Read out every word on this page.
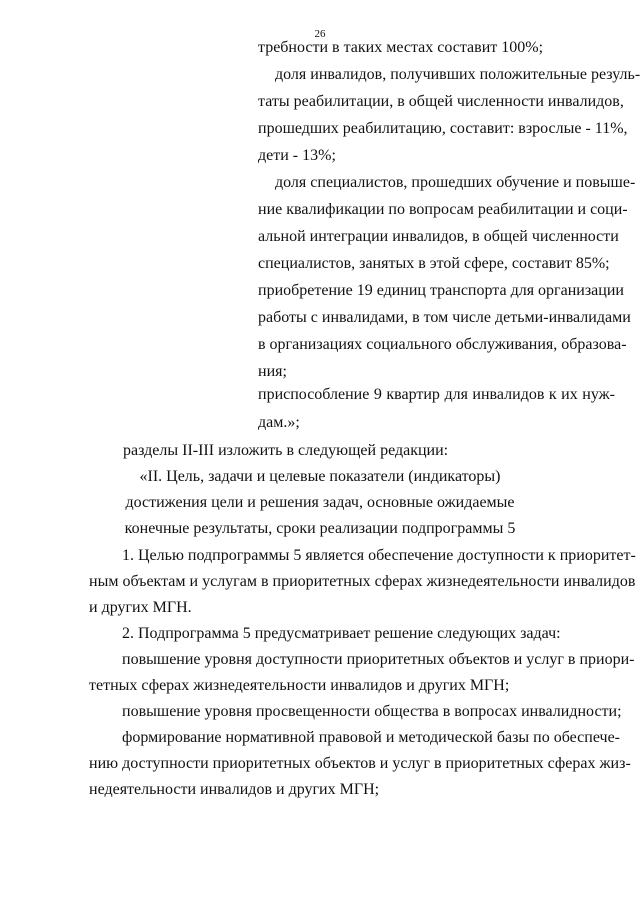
26
требности в таких местах составит 100%;
доля инвалидов, получивших положительные резуль-
таты реабилитации, в общей численности инвалидов,
прошедших реабилитацию, составит: взрослые - 11%,
дети - 13%;
доля специалистов, прошедших обучение и повыше-
ние квалификации по вопросам реабилитации и соци-
альной интеграции инвалидов, в общей численности
специалистов, занятых в этой сфере, составит 85%;
приобретение 19 единиц транспорта для организации
работы с инвалидами, в том числе детьми-инвалидами
в организациях социального обслуживания, образова-
ния;
приспособление 9 квартир для инвалидов к их нуж-
дам.»;
разделы II-III изложить в следующей редакции:
«II. Цель, задачи и целевые показатели (индикаторы)
достижения цели и решения задач, основные ожидаемые
конечные результаты, сроки реализации подпрограммы 5
1. Целью подпрограммы 5 является обеспечение доступности к приоритет-
ным объектам и услугам в приоритетных сферах жизнедеятельности инвалидов
и других МГН.
2. Подпрограмма 5 предусматривает решение следующих задач:
повышение уровня доступности приоритетных объектов и услуг в приори-
тетных сферах жизнедеятельности инвалидов и других МГН;
повышение уровня просвещенности общества в вопросах инвалидности;
формирование нормативной правовой и методической базы по обеспече-
нию доступности приоритетных объектов и услуг в приоритетных сферах жиз-
недеятельности инвалидов и других МГН;
